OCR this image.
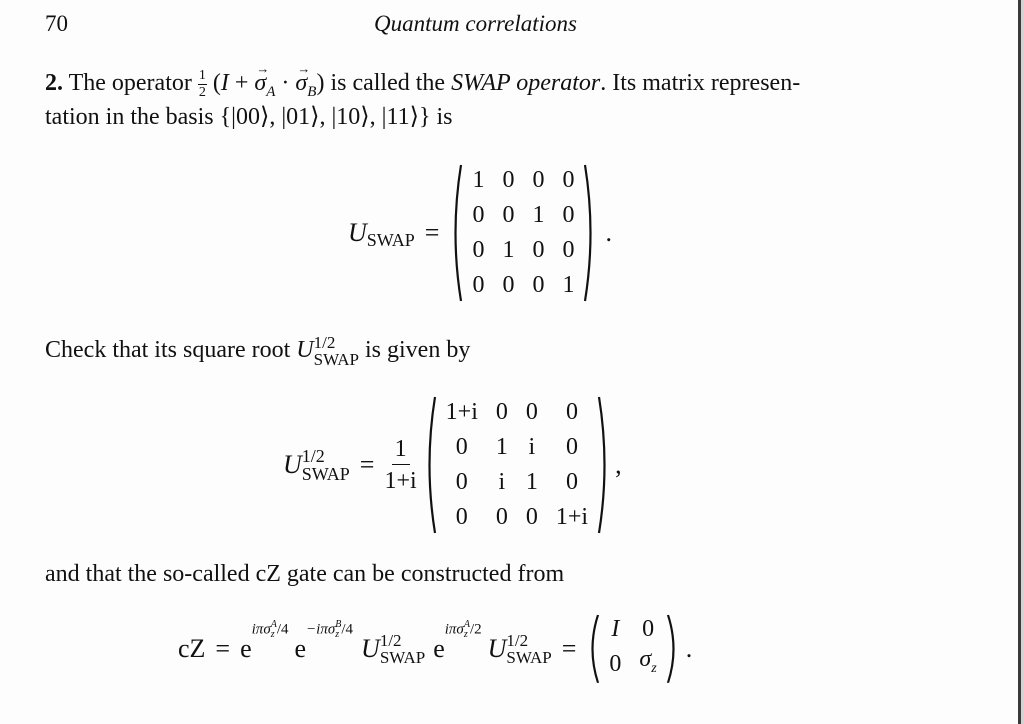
70	Quantum correlations
2. The operator $\frac{1}{2} (I$ + → $\sigma_A$ · → $\sigma_B$) is called the SWAP operator. Its matrix represen-
tation in the basis {|00⟩, |01⟩, |10⟩, |11⟩} is
$U_{SWAP}$ =
1	0	0	0
0	0	1	0
0	1	0	0
0	0	0	1
.
Check that its square root U 1/2
SWAP is given by
U 1/2
SWAP = $\frac{1}{1+i}$
1+i	0	0	0
0	1	i	0
0	i	1	0
0	0	0	1+i
,
and that the so-called cZ gate can be constructed from
cZ = e
iπσ A
z /4
e
−iπσ B
z /4
U 1/2
SWAP e
iπσ A
z /2
U 1/2
SWAP =
I	0
0	$\sigma_z$
.
